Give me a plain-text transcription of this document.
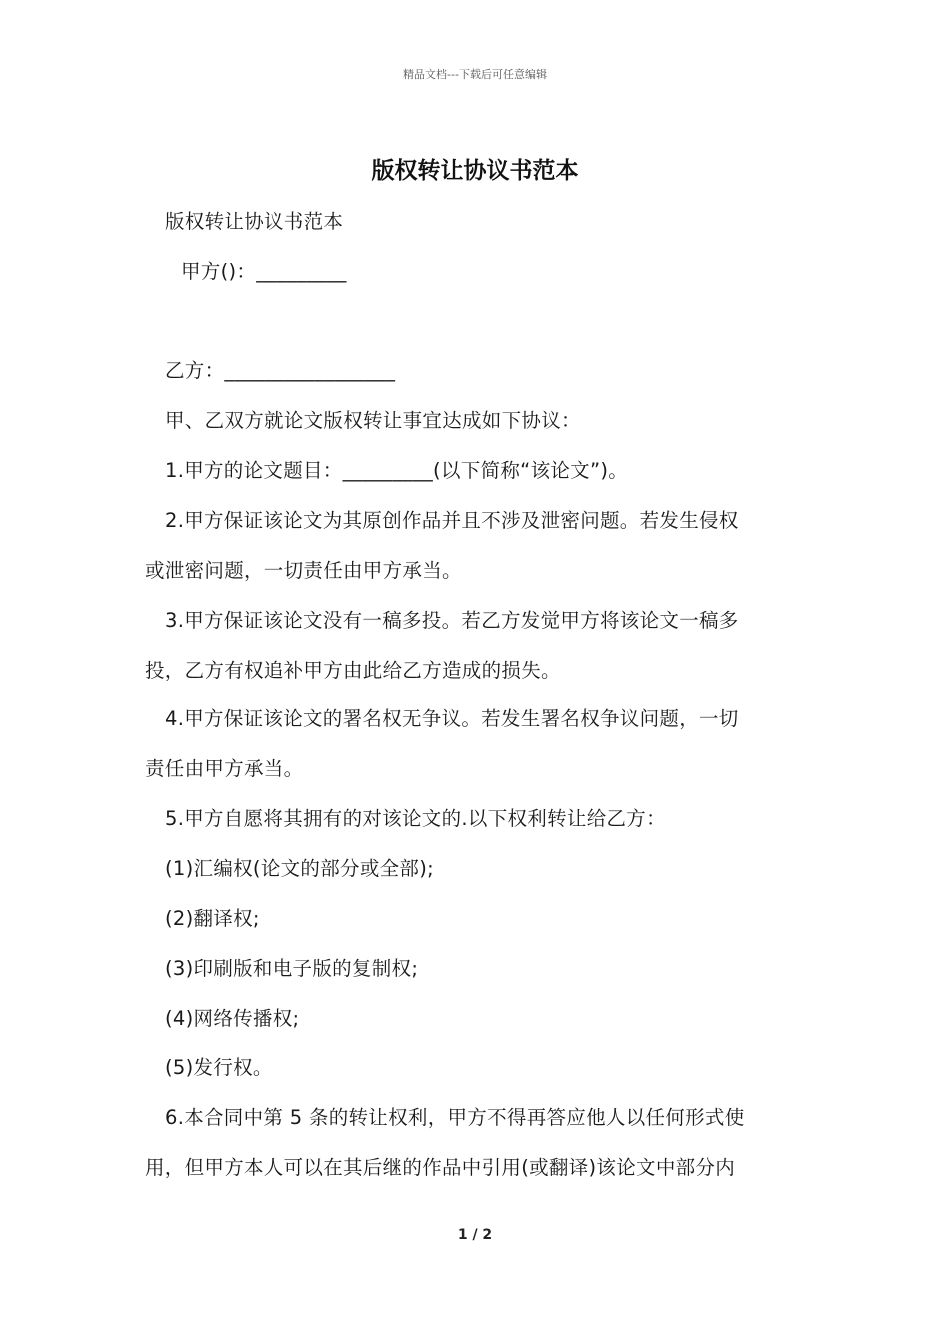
精品文档---下载后可任意编辑
版权转让协议书范本
版权转让协议书范本
甲方()：_________
乙方：_________________
甲、乙双方就论文版权转让事宜达成如下协议：
1.甲方的论文题目：_________(以下简称“该论文”)。
2.甲方保证该论文为其原创作品并且不涉及泄密问题。若发生侵权
或泄密问题，一切责任由甲方承当。
3.甲方保证该论文没有一稿多投。若乙方发觉甲方将该论文一稿多
投，乙方有权追补甲方由此给乙方造成的损失。
4.甲方保证该论文的署名权无争议。若发生署名权争议问题，一切
责任由甲方承当。
5.甲方自愿将其拥有的对该论文的.以下权利转让给乙方：
(1)汇编权(论文的部分或全部);
(2)翻译权;
(3)印刷版和电子版的复制权;
(4)网络传播权;
(5)发行权。
6.本合同中第 5 条的转让权利，甲方不得再答应他人以任何形式使
用，但甲方本人可以在其后继的作品中引用(或翻译)该论文中部分内
1 / 2
